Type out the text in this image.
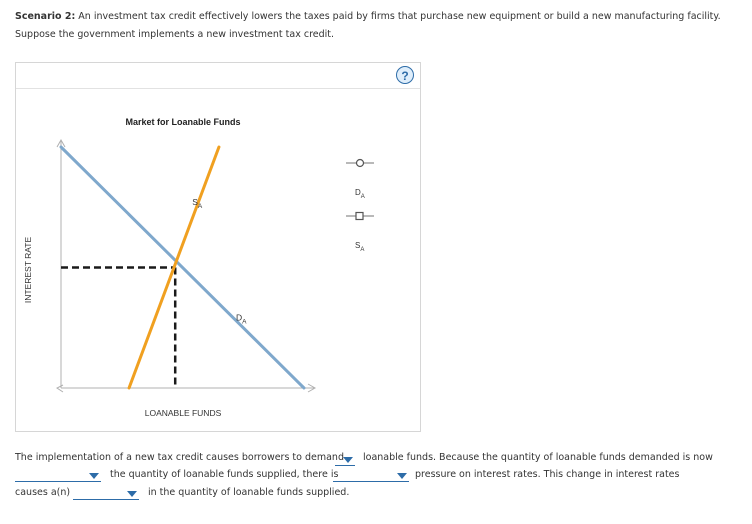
Scenario 2: An investment tax credit effectively lowers the taxes paid by firms that purchase new equipment or build a new manufacturing facility.
Suppose the government implements a new investment tax credit.
?
Market for Loanable Funds
LOANABLE FUNDS
INTEREST RATE
$D_A$
$S_A$
$D_A$
$S_A$
The implementation of a new tax credit causes borrowers to demand loanable funds. Because the quantity of loanable funds demanded is now
the quantity of loanable funds supplied, there is	pressure on interest rates. This change in interest rates
causes a(n)	in the quantity of loanable funds supplied.
